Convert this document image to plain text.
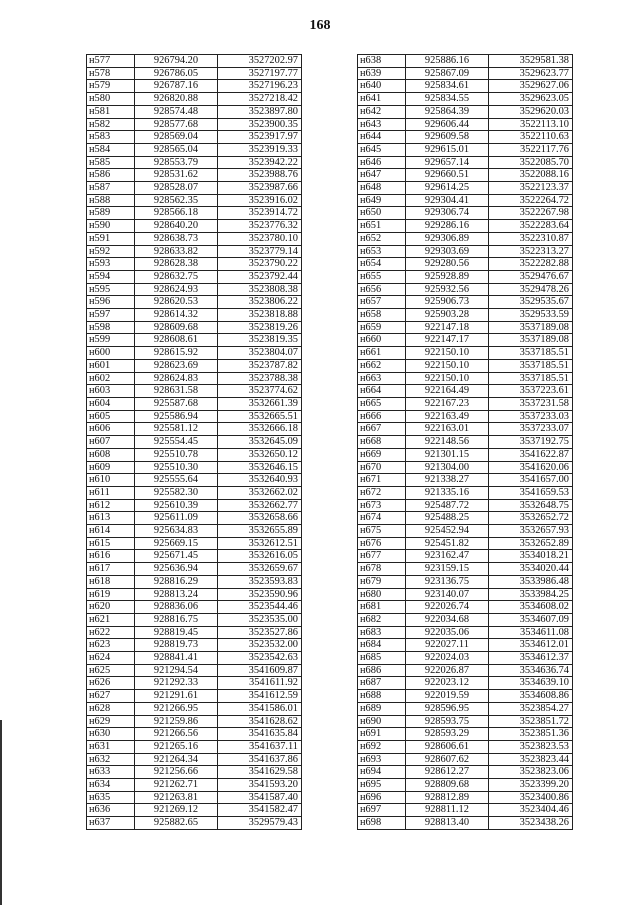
168
н577	926794.20	3527202.97
н578	926786.05	3527197.77
н579	926787.16	3527196.23
н580	926820.88	3527218.42
н581	928574.48	3523897.80
н582	928577.68	3523900.35
н583	928569.04	3523917.97
н584	928565.04	3523919.33
н585	928553.79	3523942.22
н586	928531.62	3523988.76
н587	928528.07	3523987.66
н588	928562.35	3523916.02
н589	928566.18	3523914.72
н590	928640.20	3523776.32
н591	928638.73	3523780.10
н592	928633.82	3523779.14
н593	928628.38	3523790.22
н594	928632.75	3523792.44
н595	928624.93	3523808.38
н596	928620.53	3523806.22
н597	928614.32	3523818.88
н598	928609.68	3523819.26
н599	928608.61	3523819.35
н600	928615.92	3523804.07
н601	928623.69	3523787.82
н602	928624.83	3523788.38
н603	928631.58	3523774.62
н604	925587.68	3532661.39
н605	925586.94	3532665.51
н606	925581.12	3532666.18
н607	925554.45	3532645.09
н608	925510.78	3532650.12
н609	925510.30	3532646.15
н610	925555.64	3532640.93
н611	925582.30	3532662.02
н612	925610.39	3532662.77
н613	925611.09	3532658.66
н614	925634.83	3532655.89
н615	925669.15	3532612.51
н616	925671.45	3532616.05
н617	925636.94	3532659.67
н618	928816.29	3523593.83
н619	928813.24	3523590.96
н620	928836.06	3523544.46
н621	928816.75	3523535.00
н622	928819.45	3523527.86
н623	928819.73	3523532.00
н624	928841.41	3523542.63
н625	921294.54	3541609.87
н626	921292.33	3541611.92
н627	921291.61	3541612.59
н628	921266.95	3541586.01
н629	921259.86	3541628.62
н630	921266.56	3541635.84
н631	921265.16	3541637.11
н632	921264.34	3541637.86
н633	921256.66	3541629.58
н634	921262.71	3541593.20
н635	921263.81	3541587.40
н636	921269.12	3541582.47
н637	925882.65	3529579.43
н638	925886.16	3529581.38
н639	925867.09	3529623.77
н640	925834.61	3529627.06
н641	925834.55	3529623.05
н642	925864.39	3529620.03
н643	929606.44	3522113.10
н644	929609.58	3522110.63
н645	929615.01	3522117.76
н646	929657.14	3522085.70
н647	929660.51	3522088.16
н648	929614.25	3522123.37
н649	929304.41	3522264.72
н650	929306.74	3522267.98
н651	929286.16	3522283.64
н652	929306.89	3522310.87
н653	929303.69	3522313.27
н654	929280.56	3522282.88
н655	925928.89	3529476.67
н656	925932.56	3529478.26
н657	925906.73	3529535.67
н658	925903.28	3529533.59
н659	922147.18	3537189.08
н660	922147.17	3537189.08
н661	922150.10	3537185.51
н662	922150.10	3537185.51
н663	922150.10	3537185.51
н664	922164.49	3537223.61
н665	922167.23	3537231.58
н666	922163.49	3537233.03
н667	922163.01	3537233.07
н668	922148.56	3537192.75
н669	921301.15	3541622.87
н670	921304.00	3541620.06
н671	921338.27	3541657.00
н672	921335.16	3541659.53
н673	925487.72	3532648.75
н674	925488.25	3532652.72
н675	925452.94	3532657.93
н676	925451.82	3532652.89
н677	923162.47	3534018.21
н678	923159.15	3534020.44
н679	923136.75	3533986.48
н680	923140.07	3533984.25
н681	922026.74	3534608.02
н682	922034.68	3534607.09
н683	922035.06	3534611.08
н684	922027.11	3534612.01
н685	922024.03	3534612.37
н686	922026.87	3534636.74
н687	922023.12	3534639.10
н688	922019.59	3534608.86
н689	928596.95	3523854.27
н690	928593.75	3523851.72
н691	928593.29	3523851.36
н692	928606.61	3523823.53
н693	928607.62	3523823.44
н694	928612.27	3523823.06
н695	928809.68	3523399.20
н696	928812.89	3523400.86
н697	928811.12	3523404.46
н698	928813.40	3523438.26
